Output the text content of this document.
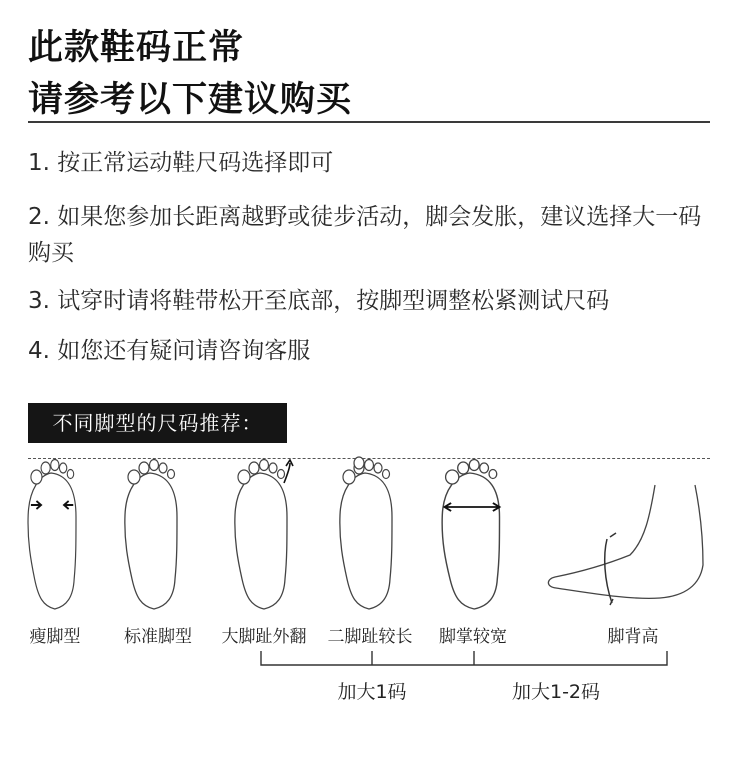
此款鞋码正常
请参考以下建议购买
1. 按正常运动鞋尺码选择即可
2. 如果您参加长距离越野或徒步活动，脚会发胀，建议选择大一码购买
3. 试穿时请将鞋带松开至底部，按脚型调整松紧测试尺码
4. 如您还有疑问请咨询客服
不同脚型的尺码推荐：
瘦脚型	标准脚型 大脚趾外翻 二脚趾较长 脚掌较宽	脚背高
加大1码	加大1-2码
